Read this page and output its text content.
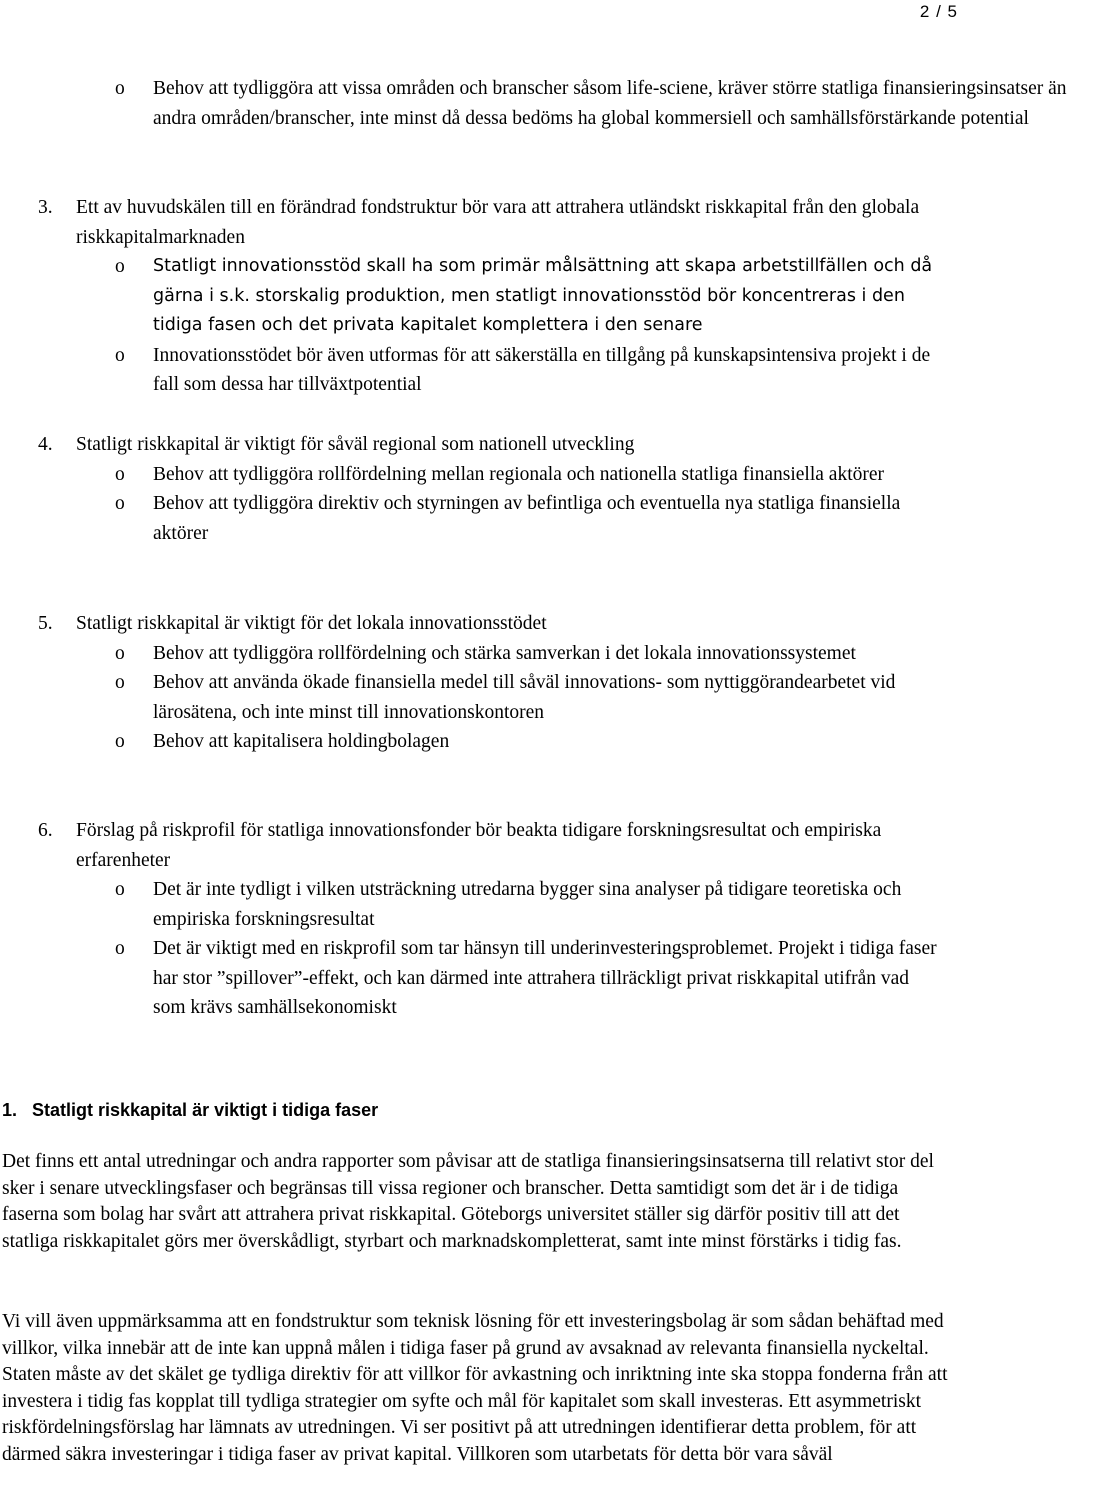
2 / 5
o Behov att tydliggöra att vissa områden och branscher såsom life-sciene, kräver större statliga finansieringsinsatser än andra områden/branscher, inte minst då dessa bedöms ha global kommersiell och samhällsförstärkande potential
3. Ett av huvudskälen till en förändrad fondstruktur bör vara att attrahera utländskt riskkapital från den globala riskkapitalmarknaden
o Statligt innovationsstöd skall ha som primär målsättning att skapa arbetstillfällen och då gärna i s.k. storskalig produktion, men statligt innovationsstöd bör koncentreras i den tidiga fasen och det privata kapitalet komplettera i den senare
o Innovationsstödet bör även utformas för att säkerställa en tillgång på kunskapsintensiva projekt i de fall som dessa har tillväxtpotential
4. Statligt riskkapital är viktigt för såväl regional som nationell utveckling
o Behov att tydliggöra rollfördelning mellan regionala och nationella statliga finansiella aktörer
o Behov att tydliggöra direktiv och styrningen av befintliga och eventuella nya statliga finansiella aktörer
5. Statligt riskkapital är viktigt för det lokala innovationsstödet
o Behov att tydliggöra rollfördelning och stärka samverkan i det lokala innovationssystemet
o Behov att använda ökade finansiella medel till såväl innovations- som nyttiggörandearbetet vid lärosätena, och inte minst till innovationskontoren
o Behov att kapitalisera holdingbolagen
6. Förslag på riskprofil för statliga innovationsfonder bör beakta tidigare forskningsresultat och empiriska erfarenheter
o Det är inte tydligt i vilken utsträckning utredarna bygger sina analyser på tidigare teoretiska och empiriska forskningsresultat
o Det är viktigt med en riskprofil som tar hänsyn till underinvesteringsproblemet. Projekt i tidiga faser har stor ”spillover”-effekt, och kan därmed inte attrahera tillräckligt privat riskkapital utifrån vad som krävs samhällsekonomiskt
1.   Statligt riskkapital är viktigt i tidiga faser
Det finns ett antal utredningar och andra rapporter som påvisar att de statliga finansieringsinsatserna till relativt stor del sker i senare utvecklingsfaser och begränsas till vissa regioner och branscher. Detta samtidigt som det är i de tidiga faserna som bolag har svårt att attrahera privat riskkapital. Göteborgs universitet ställer sig därför positiv till att det statliga riskkapitalet görs mer överskådligt, styrbart och marknadskompletterat, samt inte minst förstärks i tidig fas.
Vi vill även uppmärksamma att en fondstruktur som teknisk lösning för ett investeringsbolag är som sådan behäftad med villkor, vilka innebär att de inte kan uppnå målen i tidiga faser på grund av avsaknad av relevanta finansiella nyckeltal. Staten måste av det skälet ge tydliga direktiv för att villkor för avkastning och inriktning inte ska stoppa fonderna från att investera i tidig fas kopplat till tydliga strategier om syfte och mål för kapitalet som skall investeras. Ett asymmetriskt riskfördelningsförslag har lämnats av utredningen. Vi ser positivt på att utredningen identifierar detta problem, för att därmed säkra investeringar i tidiga faser av privat kapital. Villkoren som utarbetats för detta bör vara såväl
